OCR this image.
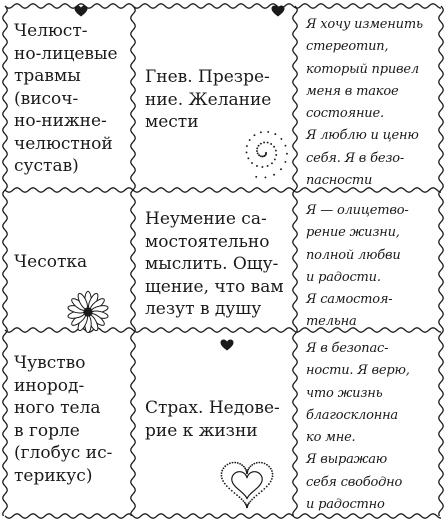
Челюст-
но-лицевые
травмы
(височ-
но-нижне-
челюстной
сустав)
Гнев. Презре-
ние. Желание
мести
Я хочу изменить
стереотип,
который привел
меня в такое
состояние.
Я люблю и ценю
себя. Я в безо-
пасности
Чесотка
Неумение са-
мостоятельно
мыслить. Ощу-
щение, что вам
лезут в душу
Я — олицетво-
рение жизни,
полной любви
и радости.
Я самостоя-
тельна
Чувство
инород-
ного тела
в горле
(глобус ис-
терикус)
Страх. Недове-
рие к жизни
Я в безопас-
ности. Я верю,
что жизнь
благосклонна
ко мне.
Я выражаю
себя свободно
и радостно
